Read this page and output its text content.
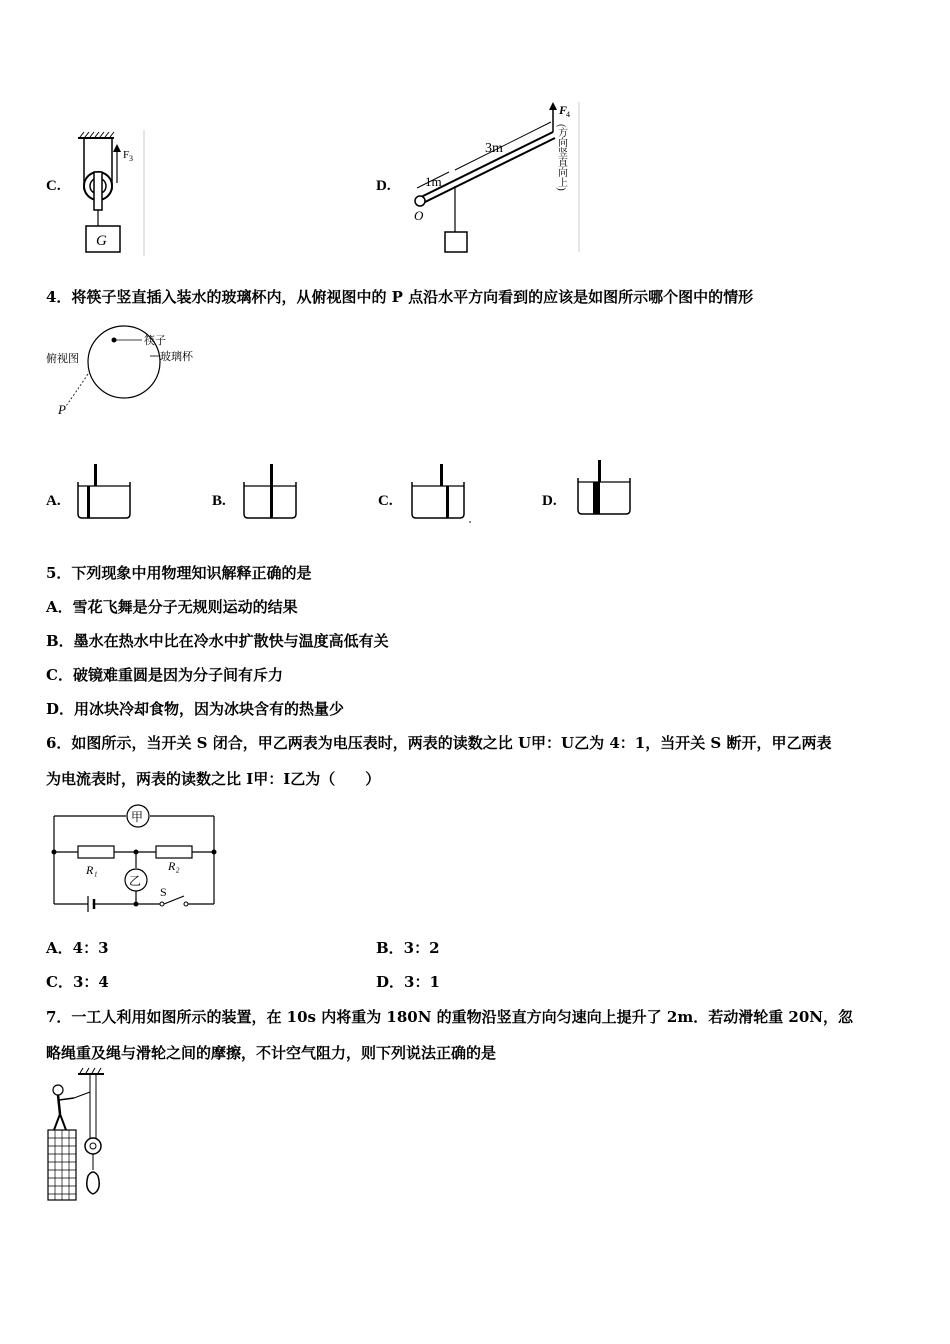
C.
F 3
G
D.
O
1m
3m
F
4
(方向竖直向上)
4．将筷子竖直插入装水的玻璃杯内，从俯视图中的 P 点沿水平方向看到的应该是如图所示哪个图中的情形
筷子
玻璃杯
俯视图
P
A.	B.	C.	D.
5．下列现象中用物理知识解释正确的是
A．雪花飞舞是分子无规则运动的结果
B．墨水在热水中比在冷水中扩散快与温度高低有关
C．破镜难重圆是因为分子间有斥力
D．用冰块冷却食物，因为冰块含有的热量少
6．如图所示，当开关 S 闭合，甲乙两表为电压表时，两表的读数之比 U甲：U乙为 4：1，当开关 S 断开，甲乙两表
为电流表时，两表的读数之比 I甲：I乙为（　　）
甲
R₁	R₂
乙
S
A．4：3	B．3：2
C．3：4	D．3：1
7．一工人利用如图所示的装置，在 10s 内将重为 180N 的重物沿竖直方向匀速向上提升了 2m．若动滑轮重 20N，忽
略绳重及绳与滑轮之间的摩擦，不计空气阻力，则下列说法正确的是
